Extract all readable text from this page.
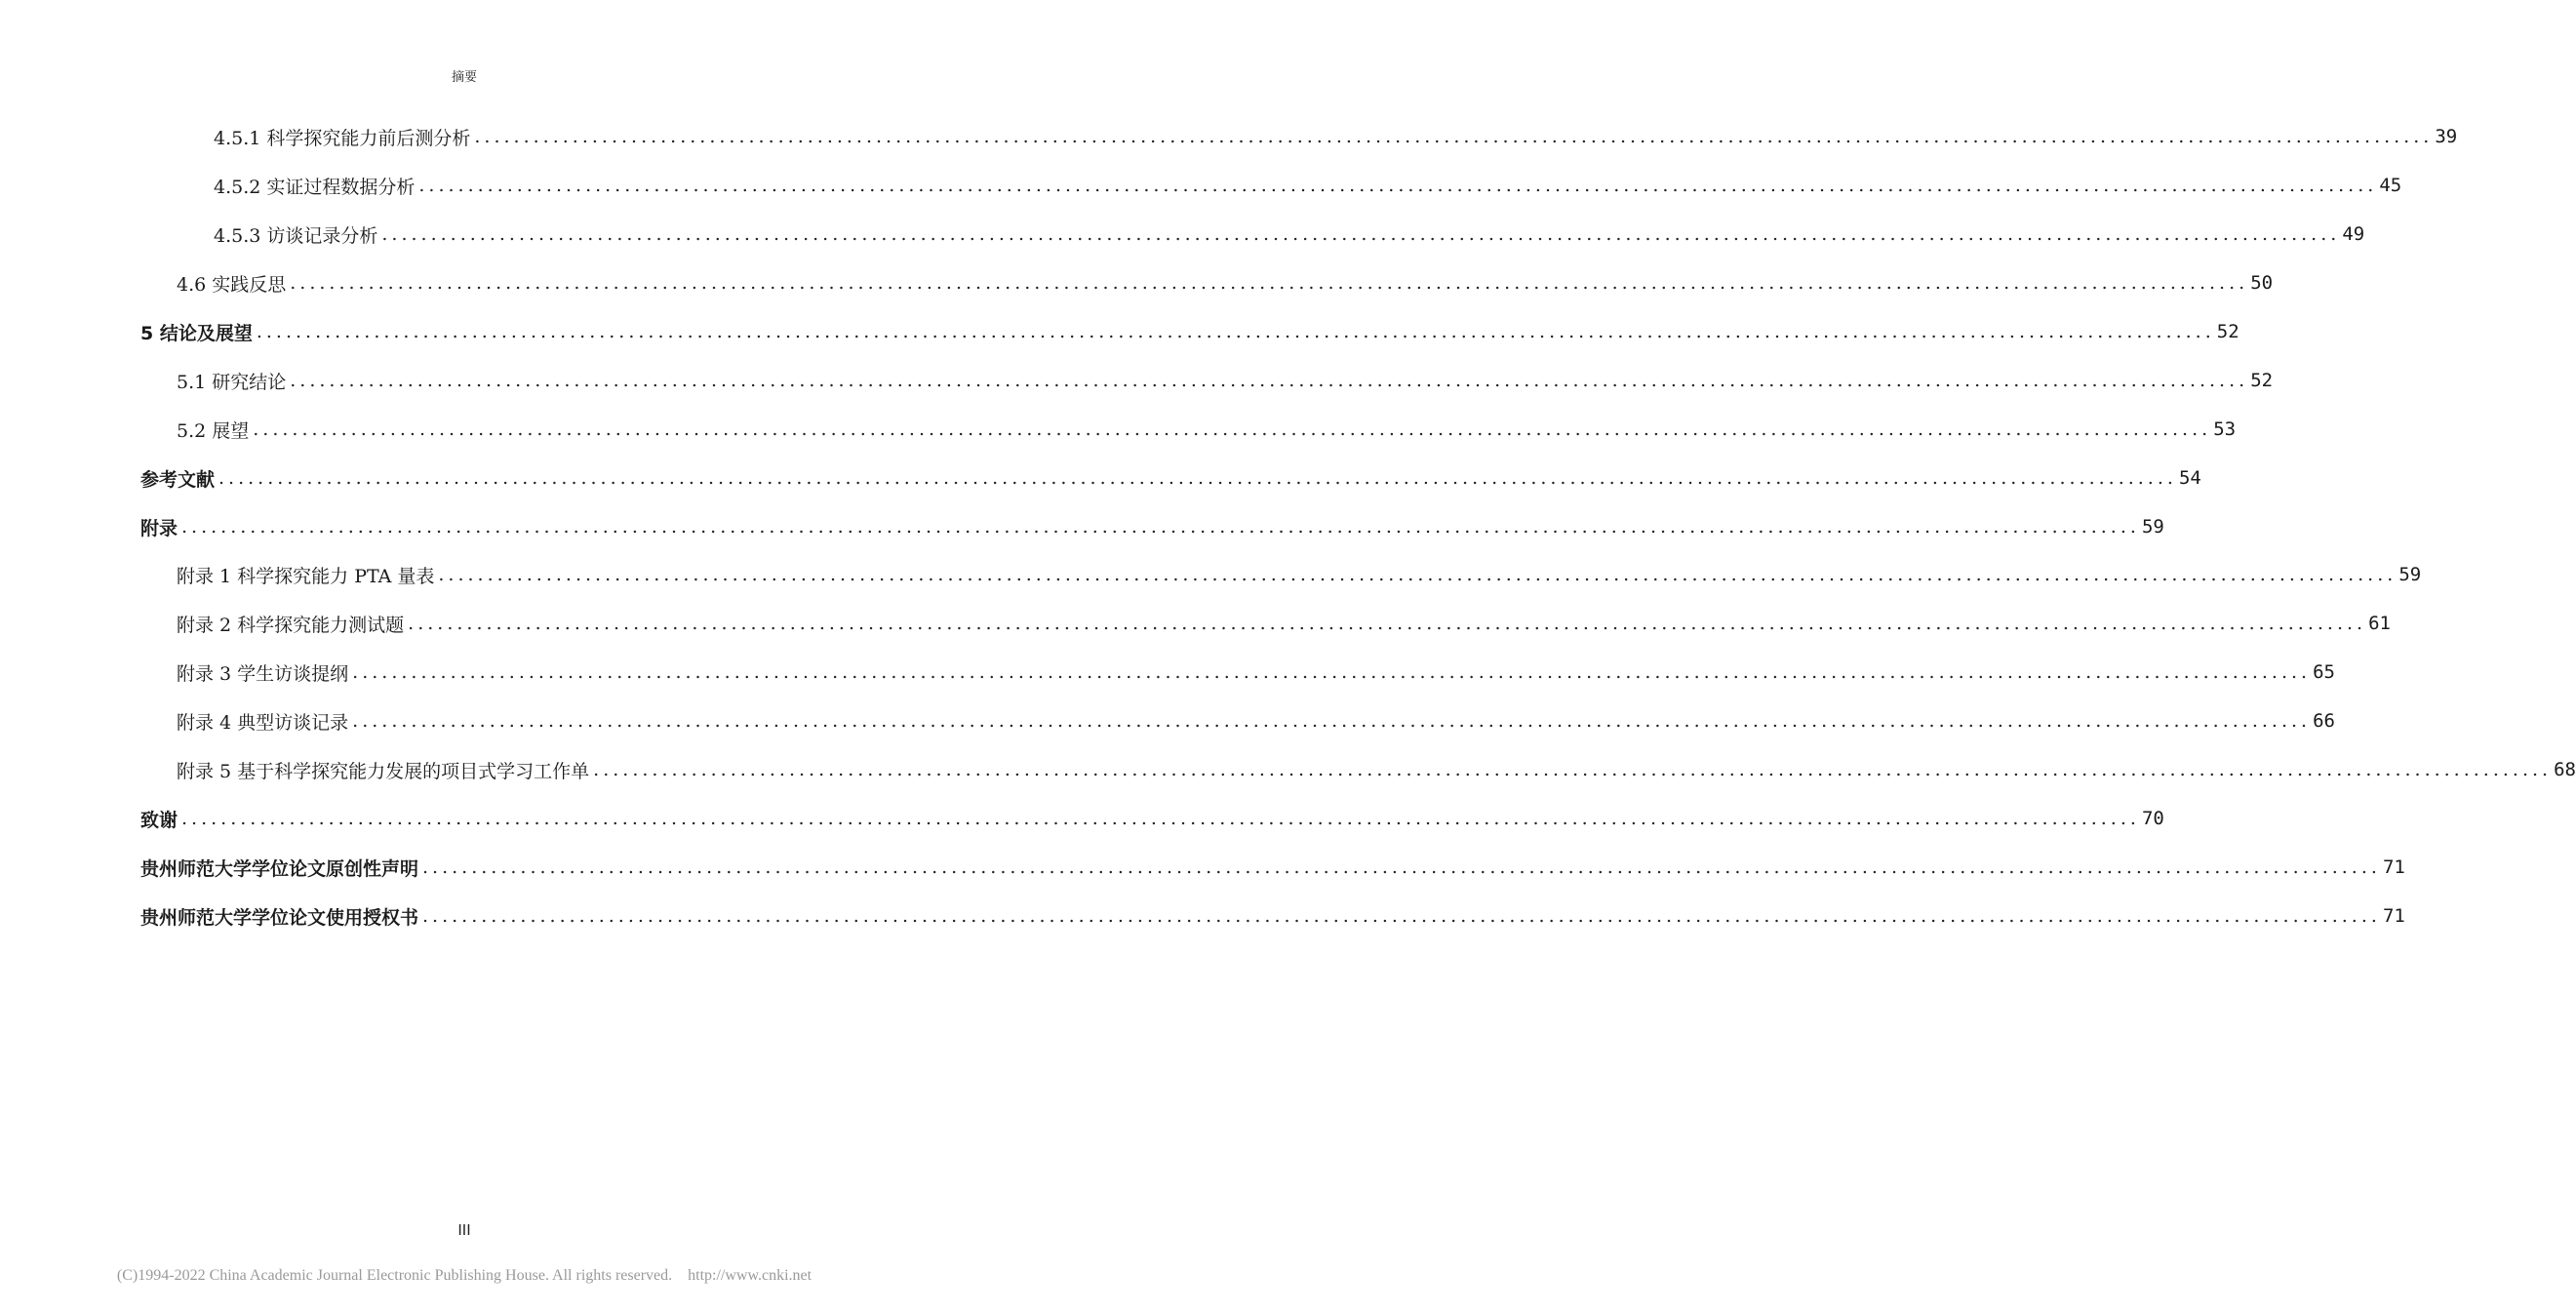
摘要
4.5.1 科学探究能力前后测分析 ........................................................................................................................................................................................................ 39
4.5.2 实证过程数据分析 ........................................................................................................................................................................................................ 45
4.5.3 访谈记录分析 ........................................................................................................................................................................................................ 49
4.6 实践反思 ........................................................................................................................................................................................................ 50
5 结论及展望 ........................................................................................................................................................................................................ 52
5.1 研究结论 ........................................................................................................................................................................................................ 52
5.2 展望 ........................................................................................................................................................................................................ 53
参考文献 ........................................................................................................................................................................................................ 54
附录 ........................................................................................................................................................................................................ 59
附录 1 科学探究能力 PTA 量表 ........................................................................................................................................................................................................ 59
附录 2 科学探究能力测试题 ........................................................................................................................................................................................................ 61
附录 3 学生访谈提纲 ........................................................................................................................................................................................................ 65
附录 4 典型访谈记录 ........................................................................................................................................................................................................ 66
附录 5 基于科学探究能力发展的项目式学习工作单 ........................................................................................................................................................................................................ 68
致谢 ........................................................................................................................................................................................................ 70
贵州师范大学学位论文原创性声明 ........................................................................................................................................................................................................ 71
贵州师范大学学位论文使用授权书 ........................................................................................................................................................................................................ 71
III
(C)1994-2022 China Academic Journal Electronic Publishing House. All rights reserved.    http://www.cnki.net
